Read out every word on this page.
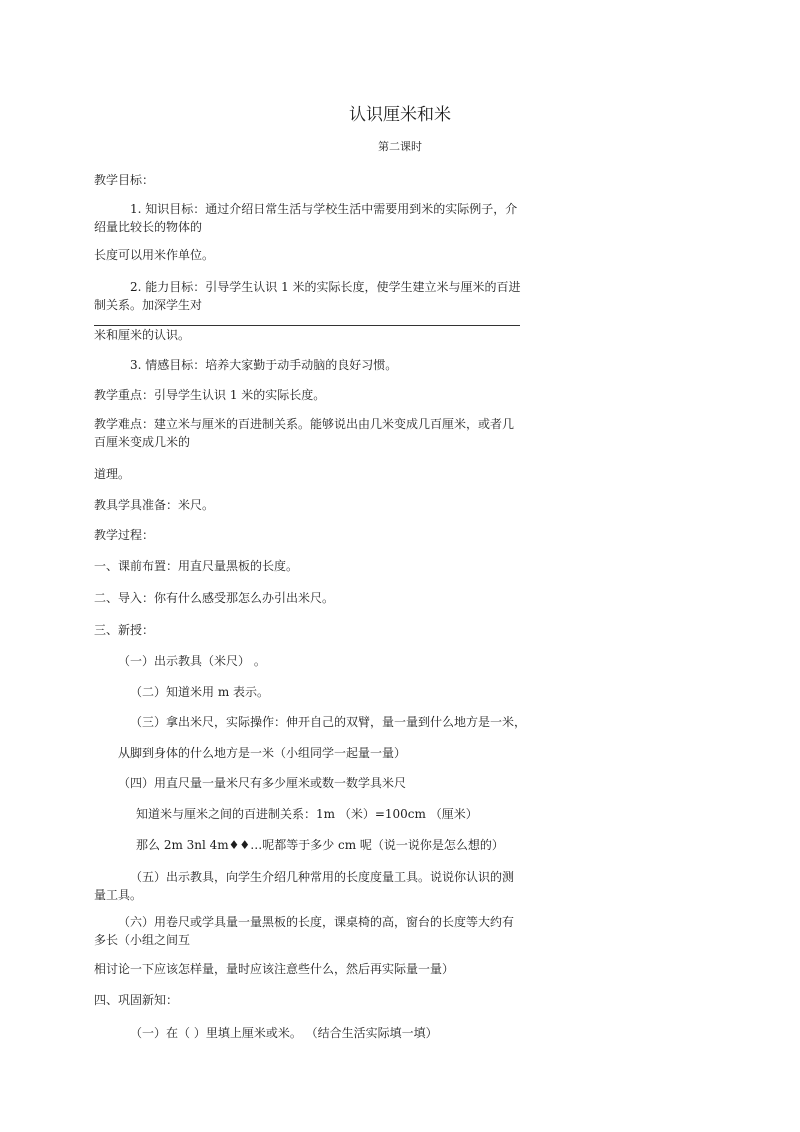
认识厘米和米
第二课时
教学目标：
1. 知识目标：通过介绍日常生活与学校生活中需要用到米的实际例子，介绍量比较长的物体的
长度可以用米作单位。
2. 能力目标：引导学生认识 1 米的实际长度，使学生建立米与厘米的百进制关系。加深学生对
米和厘米的认识。
3. 情感目标：培养大家勤于动手动脑的良好习惯。
教学重点：引导学生认识 1 米的实际长度。
教学难点：建立米与厘米的百进制关系。能够说出由几米变成几百厘米，或者几百厘米变成几米的
道理。
教具学具准备：米尺。
教学过程：
一、课前布置：用直尺量黑板的长度。
二、导入：你有什么感受那怎么办引出米尺。
三、新授：
（一）出示教具（米尺） 。
（二）知道米用 m 表示。
（三）拿出米尺，实际操作：伸开自己的双臂，量一量到什么地方是一米，
从脚到身体的什么地方是一米（小组同学一起量一量）
（四）用直尺量一量米尺有多少厘米或数一数学具米尺
知道米与厘米之间的百进制关系：1m （米）=100cm （厘米）
那么 2m 3nl 4m♦♦…呢都等于多少 cm 呢（说一说你是怎么想的）
（五）出示教具，向学生介绍几种常用的长度度量工具。说说你认识的测量工具。
（六）用卷尺或学具量一量黑板的长度，课桌椅的高，窗台的长度等大约有多长（小组之间互
相讨论一下应该怎样量，量时应该注意些什么，然后再实际量一量）
四、巩固新知：
（一）在（ ）里填上厘米或米。 （结合生活实际填一填）
